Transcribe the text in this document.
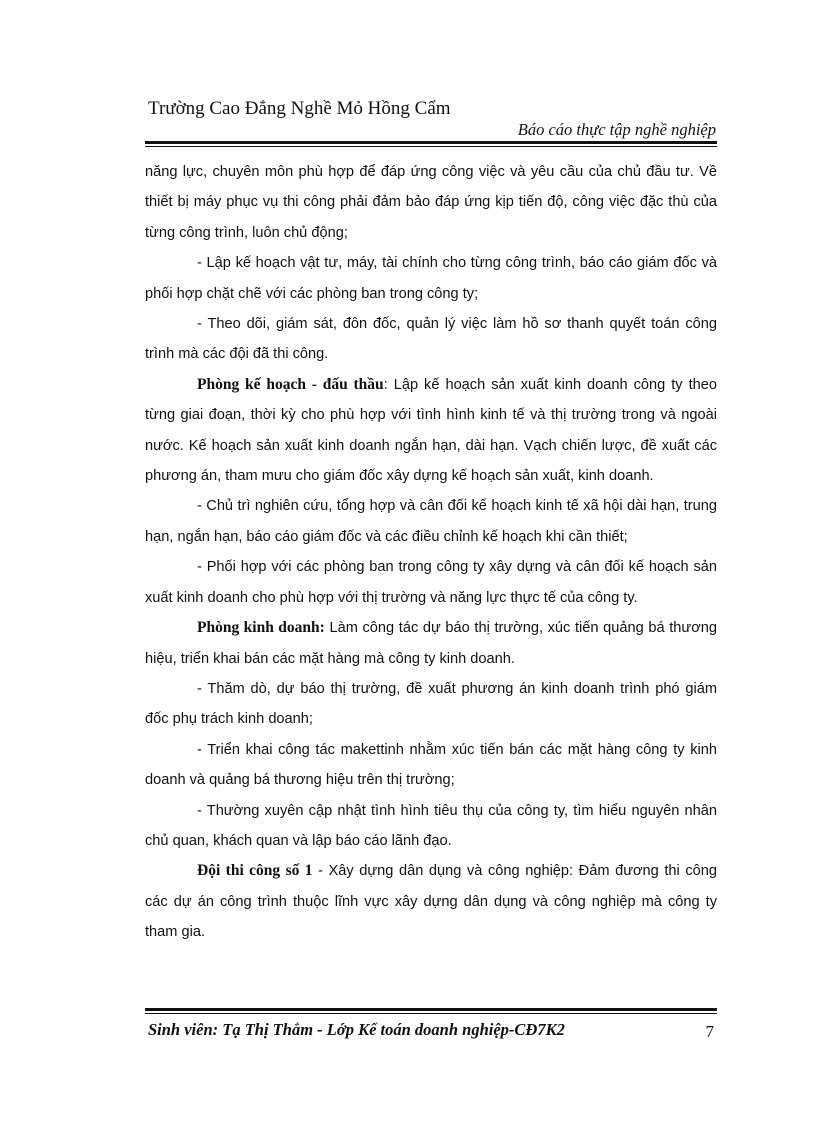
Trường Cao Đẳng Nghề Mỏ Hồng Cẩm
Báo cáo thực tập nghề nghiệp

năng lực, chuyên môn phù hợp để đáp ứng công việc và yêu cầu của chủ đầu tư. Về thiết bị máy phục vụ thi công phải đảm bảo đáp ứng kịp tiến độ, công việc đặc thù của từng công trình, luôn chủ động;

- Lập kế hoạch vật tư, máy, tài chính cho từng công trình, báo cáo giám đốc và phối hợp chặt chẽ với các phòng ban trong công ty;

- Theo dõi, giám sát, đôn đốc, quản lý việc làm hồ sơ thanh quyết toán công trình mà các đội đã thi công.

Phòng kế hoạch - đấu thầu: Lập kế hoạch sản xuất kinh doanh công ty theo từng giai đoạn, thời kỳ cho phù hợp với tình hình kinh tế và thị trường trong và ngoài nước. Kế hoạch sản xuất kinh doanh ngắn hạn, dài hạn. Vạch chiến lược, đề xuất các phương án, tham mưu cho giám đốc xây dựng kế hoạch sản xuất, kinh doanh.

- Chủ trì nghiên cứu, tổng hợp và cân đối kế hoạch kinh tế xã hội dài hạn, trung hạn, ngắn hạn, báo cáo giám đốc và các điều chỉnh kế hoạch khi cần thiết;

- Phối hợp với các phòng ban trong công ty xây dựng và cân đối kế hoạch sản xuất kinh doanh cho phù hợp với thị trường và năng lực thực tế của công ty.

Phòng kinh doanh: Làm công tác dự báo thị trường, xúc tiến quảng bá thương hiệu, triển khai bán các mặt hàng mà công ty kinh doanh.

- Thăm dò, dự báo thị trường, đề xuất phương án kinh doanh trình phó giám đốc phụ trách kinh doanh;

- Triển khai công tác makettinh nhằm xúc tiến bán các mặt hàng công ty kinh doanh và quảng bá thương hiệu trên thị trường;

- Thường xuyên cập nhật tình hình tiêu thụ của công ty, tìm hiểu nguyên nhân chủ quan, khách quan và lập báo cáo lãnh đạo.

Đội thi công số 1 - Xây dựng dân dụng và công nghiệp: Đảm đương thi công các dự án công trình thuộc lĩnh vực xây dựng dân dụng và công nghiệp mà công ty tham gia.

Sinh viên: Tạ Thị Thắm - Lớp Kế toán doanh nghiệp-CĐ7K2	7
